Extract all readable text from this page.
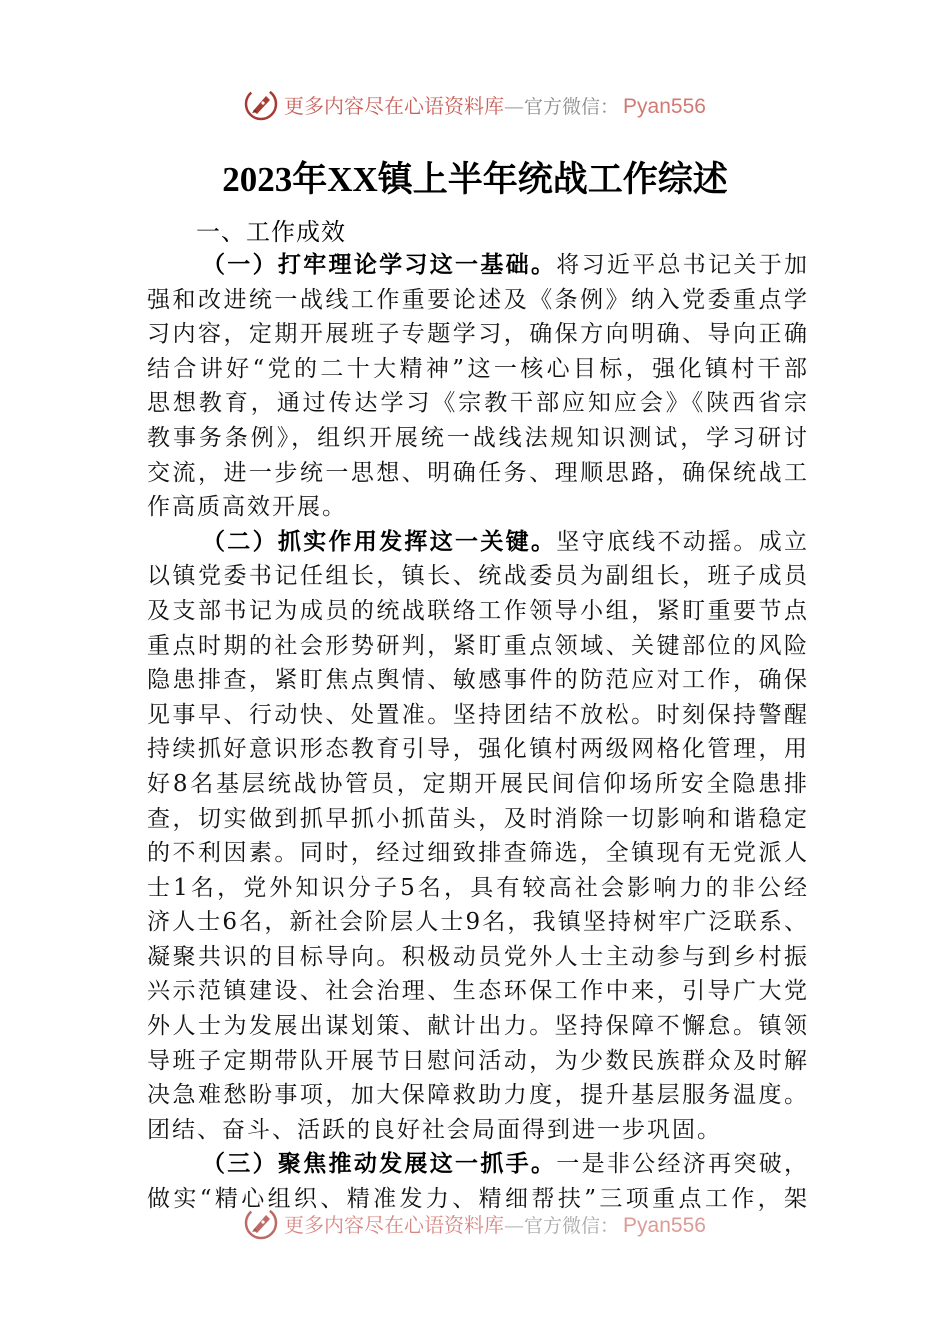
更多内容尽在心语资料库—官方微信： Pyan556
2023年XX镇上半年统战工作综述
一、工作成效
（一）打牢理论学习这一基础。将习近平总书记关于加
强和改进统一战线工作重要论述及《条例》纳入党委重点学
习内容，定期开展班子专题学习，确保方向明确、导向正确
结合讲好“党的二十大精神”这一核心目标，强化镇村干部
思想教育，通过传达学习《宗教干部应知应会》《陕西省宗
教事务条例》，组织开展统一战线法规知识测试，学习研讨
交流，进一步统一思想、明确任务、理顺思路，确保统战工
作高质高效开展。
（二）抓实作用发挥这一关键。坚守底线不动摇。成立
以镇党委书记任组长，镇长、统战委员为副组长，班子成员
及支部书记为成员的统战联络工作领导小组，紧盯重要节点
重点时期的社会形势研判，紧盯重点领域、关键部位的风险
隐患排查，紧盯焦点舆情、敏感事件的防范应对工作，确保
见事早、行动快、处置准。坚持团结不放松。时刻保持警醒
持续抓好意识形态教育引导，强化镇村两级网格化管理，用
好8名基层统战协管员，定期开展民间信仰场所安全隐患排
查，切实做到抓早抓小抓苗头，及时消除一切影响和谐稳定
的不利因素。同时，经过细致排查筛选，全镇现有无党派人
士1名，党外知识分子5名，具有较高社会影响力的非公经
济人士6名，新社会阶层人士9名，我镇坚持树牢广泛联系、
凝聚共识的目标导向。积极动员党外人士主动参与到乡村振
兴示范镇建设、社会治理、生态环保工作中来，引导广大党
外人士为发展出谋划策、献计出力。坚持保障不懈怠。镇领
导班子定期带队开展节日慰问活动，为少数民族群众及时解
决急难愁盼事项，加大保障救助力度，提升基层服务温度。
团结、奋斗、活跃的良好社会局面得到进一步巩固。
（三）聚焦推动发展这一抓手。一是非公经济再突破，
做实“精心组织、精准发力、精细帮扶”三项重点工作，架
更多内容尽在心语资料库—官方微信： Pyan556
